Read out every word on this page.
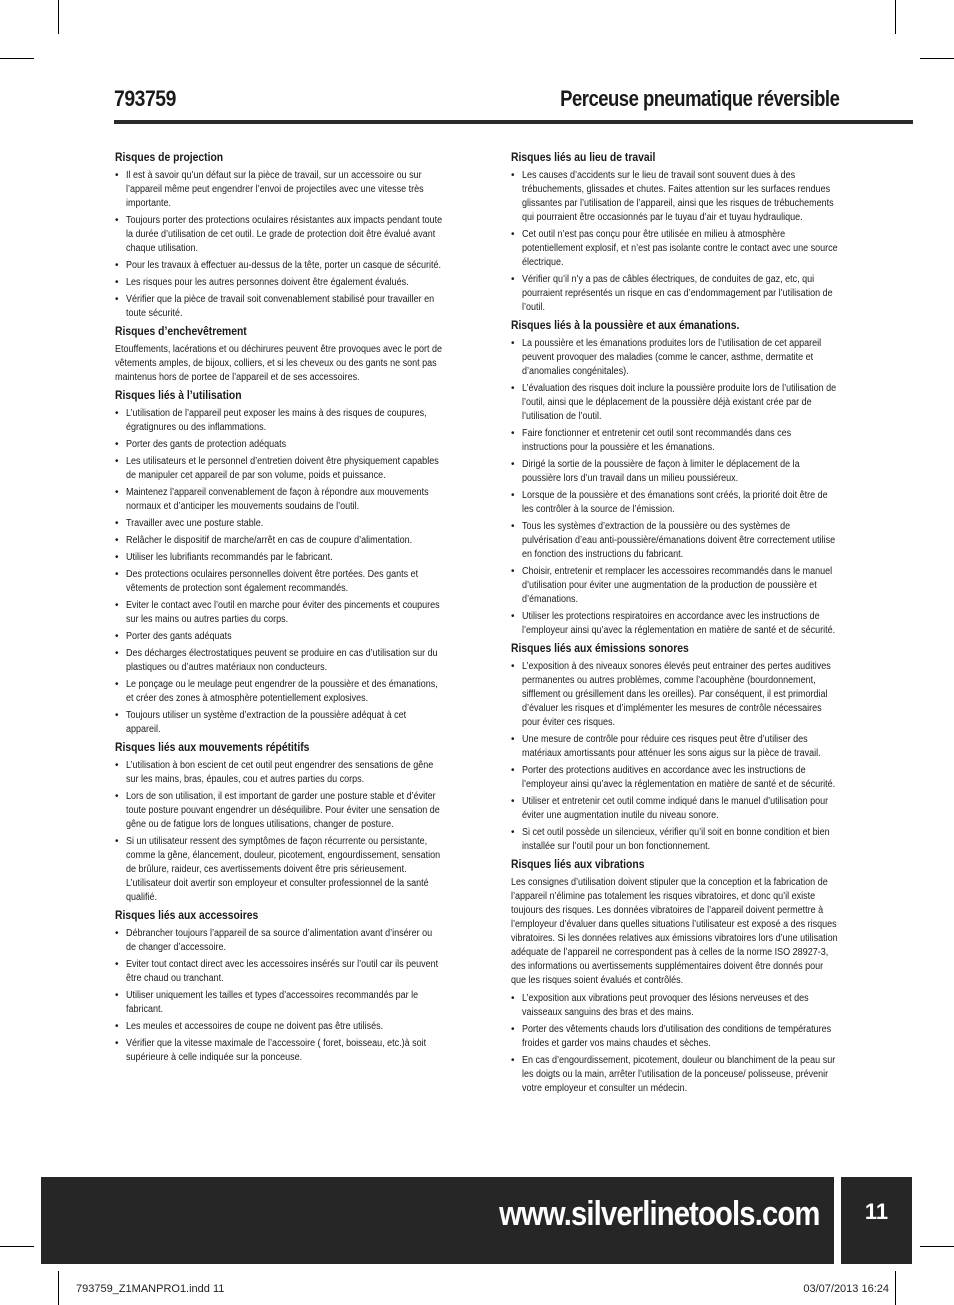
793759	Perceuse pneumatique réversible
Risques de projection
• Il est à savoir qu’un défaut sur la pièce de travail, sur un accessoire ou sur l’appareil même peut engendrer l’envoi de projectiles avec une vitesse très importante.
• Toujours porter des protections oculaires résistantes aux impacts pendant toute la durée d’utilisation de cet outil. Le grade de protection doit être évalué avant chaque utilisation.
• Pour les travaux à effectuer au-dessus de la tête, porter un casque de sécurité.
• Les risques pour les autres personnes doivent être également évalués.
• Vérifier que la pièce de travail soit convenablement stabilisé pour travailler en toute sécurité.
Risques d’enchevêtrement

Etouffements, lacérations et ou déchirures peuvent être provoques avec le port de vêtements amples, de bijoux, colliers, et si les cheveux ou des gants ne sont pas maintenus hors de portee de l’appareil et de ses accessoires.

Risques liés à l’utilisation
• L’utilisation de l’appareil peut exposer les mains à des risques de coupures, égratignures ou des inflammations.
• Porter des gants de protection adéquats
• Les utilisateurs et le personnel d’entretien doivent être physiquement capables de manipuler cet appareil de par son volume, poids et puissance.
• Maintenez l’appareil convenablement de façon à répondre aux mouvements normaux et d’anticiper les mouvements soudains de l’outil.
• Travailler avec une posture stable.
• Relâcher le dispositif de marche/arrêt en cas de coupure d’alimentation.
• Utiliser les lubrifiants recommandés par le fabricant.
• Des protections oculaires personnelles doivent être portées. Des gants et vêtements de protection sont également recommandés.
• Eviter le contact avec l’outil en marche pour éviter des pincements et coupures sur les mains ou autres parties du corps.
• Porter des gants adéquats
• Des décharges électrostatiques peuvent se produire en cas d’utilisation sur du plastiques ou d’autres matériaux non conducteurs.
• Le ponçage ou le meulage peut engendrer de la poussière et des émanations, et créer des zones à atmosphère potentiellement explosives.
• Toujours utiliser un système d’extraction de la poussière adéquat à cet appareil.
Risques liés aux mouvements répétitifs
• L’utilisation à bon escient de cet outil peut engendrer des sensations de gêne sur les mains, bras, épaules, cou et autres parties du corps.
• Lors de son utilisation, il est important de garder une posture stable et d’éviter toute posture pouvant engendrer un déséquilibre. Pour éviter une sensation de gêne ou de fatigue lors de longues utilisations, changer de posture.
• Si un utilisateur ressent des symptômes de façon récurrente ou persistante, comme la gêne, élancement, douleur, picotement, engourdissement, sensation de brûlure, raideur, ces avertissements doivent être pris sérieusement. L’utilisateur doit avertir son employeur et consulter professionnel de la santé qualifié.
Risques liés aux accessoires
• Débrancher toujours l’appareil de sa source d’alimentation avant d’insérer ou de changer d’accessoire.
• Eviter tout contact direct avec les accessoires insérés sur l’outil car ils peuvent être chaud ou tranchant.
• Utiliser uniquement les tailles et types d’accessoires recommandés par le fabricant.
• Les meules et accessoires de coupe ne doivent pas être utilisés.
• Vérifier que la vitesse maximale de l’accessoire ( foret, boisseau, etc.)à soit supérieure à celle indiquée sur la ponceuse.
Risques liés au lieu de travail
• Les causes d’accidents sur le lieu de travail sont souvent dues à des trébuchements, glissades et chutes. Faites attention sur les surfaces rendues glissantes par l’utilisation de l’appareil, ainsi que les risques de trébuchements qui pourraient être occasionnés par le tuyau d’air et tuyau hydraulique.
• Cet outil n’est pas conçu pour être utilisée en milieu à atmosphère potentiellement explosif, et n’est pas isolante contre le contact avec une source électrique.
• Vérifier qu’il n’y a pas de câbles électriques, de conduites de gaz, etc, qui pourraient représentés un risque en cas d’endommagement par l’utilisation de l’outil.
Risques liés à la poussière et aux émanations.
• La poussière et les émanations produites lors de l’utilisation de cet appareil peuvent provoquer des maladies (comme le cancer, asthme, dermatite et d’anomalies congénitales).
• L’évaluation des risques doit inclure la poussière produite lors de l’utilisation de l’outil, ainsi que le déplacement de la poussière déjà existant crée par de l’utilisation de l’outil.
• Faire fonctionner et entretenir cet outil sont recommandés dans ces instructions pour la poussière et les émanations.
• Dirigé la sortie de la poussière de façon à limiter le déplacement de la poussière lors d’un travail dans un milieu poussiéreux.
• Lorsque de la poussière et des émanations sont créés, la priorité doit être de les contrôler à la source de l’émission.
• Tous les systèmes d’extraction de la poussière ou des systèmes de pulvérisation d’eau anti-poussière/émanations doivent être correctement utilise en fonction des instructions du fabricant.
• Choisir, entretenir et remplacer les accessoires recommandés dans le manuel d’utilisation pour éviter une augmentation de la production de poussière et d’émanations.
• Utiliser les protections respiratoires en accordance avec les instructions de l’employeur ainsi qu’avec la réglementation en matière de santé et de sécurité.
Risques liés aux émissions sonores
• L’exposition à des niveaux sonores élevés peut entrainer des pertes auditives permanentes ou autres problèmes, comme l’acouphène (bourdonnement, sifflement ou grésillement dans les oreilles). Par conséquent, il est primordial d’évaluer les risques et d’implémenter les mesures de contrôle nécessaires pour éviter ces risques.
• Une mesure de contrôle pour réduire ces risques peut être d’utiliser des matériaux amortissants pour atténuer les sons aigus sur la pièce de travail.
• Porter des protections auditives en accordance avec les instructions de l’employeur ainsi qu’avec la réglementation en matière de santé et de sécurité.
• Utiliser et entretenir cet outil comme indiqué dans le manuel d’utilisation pour éviter une augmentation inutile du niveau sonore.
• Si cet outil possède un silencieux, vérifier qu’il soit en bonne condition et bien installée sur l’outil pour un bon fonctionnement.
Risques liés aux vibrations

Les consignes d’utilisation doivent stipuler que la conception et la fabrication de l’appareil n’élimine pas totalement les risques vibratoires, et donc qu’il existe toujours des risques. Les données vibratoires de l’appareil doivent permettre à l’employeur d’évaluer dans quelles situations l’utilisateur est exposé a des risques vibratoires. Si les données relatives aux émissions vibratoires lors d’une utilisation adéquate de l’appareil ne correspondent pas à celles de la norme ISO 28927-3, des informations ou avertissements supplémentaires doivent être donnés pour que les risques soient évalués et contrôlés.

• L’exposition aux vibrations peut provoquer des lésions nerveuses et des vaisseaux sanguins des bras et des mains.
• Porter des vêtements chauds lors d’utilisation des conditions de températures froides et garder vos mains chaudes et sèches.
• En cas d’engourdissement, picotement, douleur ou blanchiment de la peau sur les doigts ou la main, arrêter l’utilisation de la ponceuse/ polisseuse, prévenir votre employeur et consulter un médecin.
www.silverlinetools.com	11
793759_Z1MANPRO1.indd 11	03/07/2013 16:24
